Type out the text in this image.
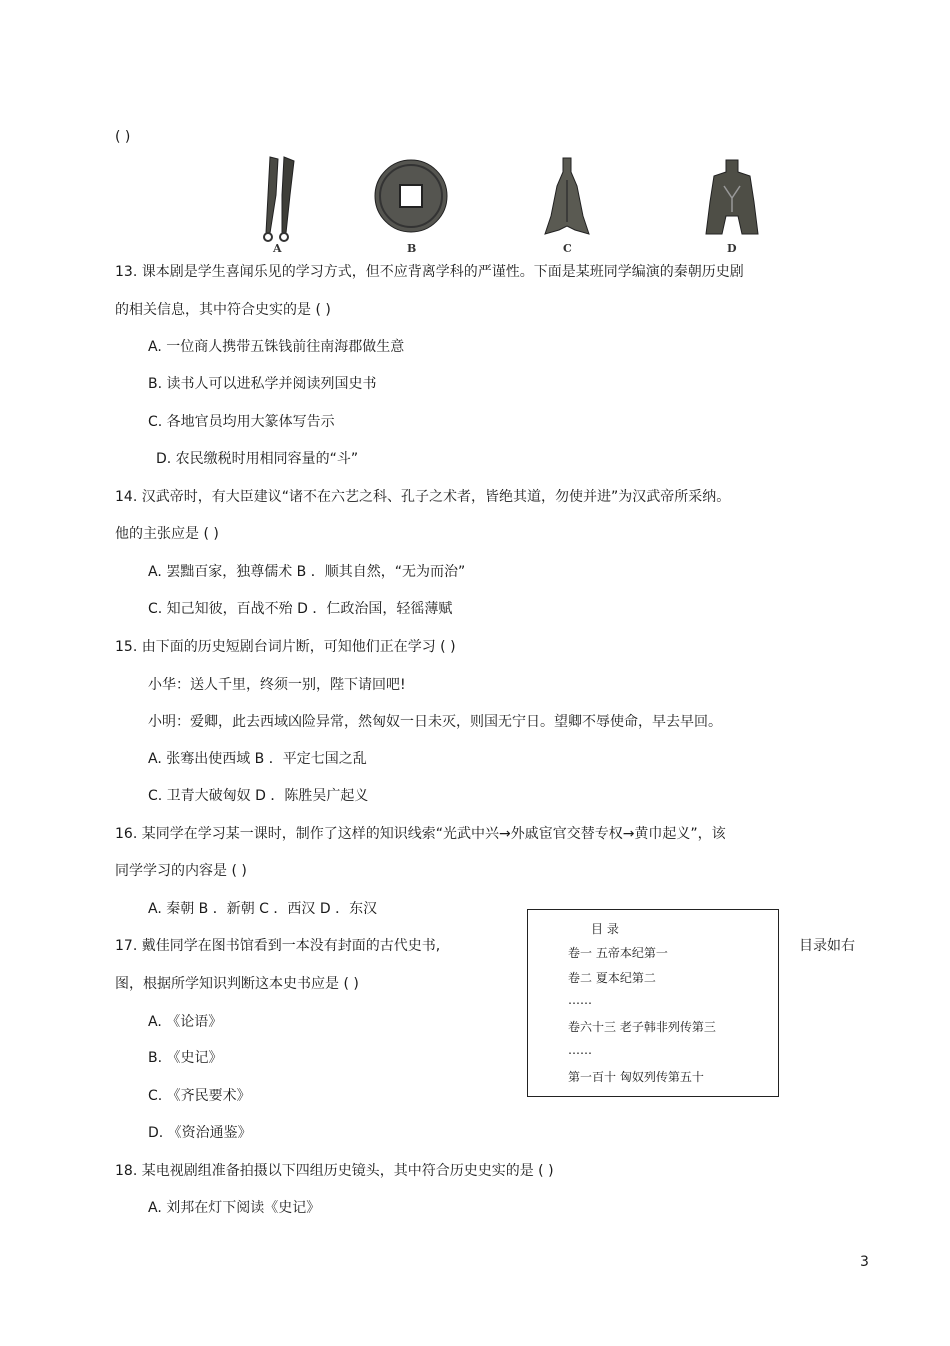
( )
A	B	C	D
13. 课本剧是学生喜闻乐见的学习方式，但不应背离学科的严谨性。下面是某班同学编演的秦朝历史剧
的相关信息，其中符合史实的是 ( )
A. 一位商人携带五铢钱前往南海郡做生意
B. 读书人可以进私学并阅读列国史书
C. 各地官员均用大篆体写告示
D. 农民缴税时用相同容量的“斗”
14. 汉武帝时，有大臣建议“诸不在六艺之科、孔子之术者，皆绝其道，勿使并进”为汉武帝所采纳。
他的主张应是 ( )
A. 罢黜百家，独尊儒术 B ．顺其自然，“无为而治”
C. 知己知彼，百战不殆 D ．仁政治国，轻徭薄赋
15. 由下面的历史短剧台词片断，可知他们正在学习 ( )
小华：送人千里，终须一别，陛下请回吧!
小明：爱卿，此去西域凶险异常，然匈奴一日未灭，则国无宁日。望卿不辱使命，早去早回。
A. 张骞出使西域 B ．平定七国之乱
C. 卫青大破匈奴 D ．陈胜吴广起义
16. 某同学在学习某一课时，制作了这样的知识线索“光武中兴→外戚宦官交替专权→黄巾起义”，该
同学学习的内容是 ( )
A. 秦朝 B ．新朝 C ．西汉 D ．东汉
17. 戴佳同学在图书馆看到一本没有封面的古代史书,	目录如右
图，根据所学知识判断这本史书应是 ( )
A. 《论语》
B. 《史记》
C. 《齐民要术》
D. 《资治通鉴》
目 录
卷一 五帝本纪第一
卷二 夏本纪第二
……
卷六十三 老子韩非列传第三
……
第一百十 匈奴列传第五十
18. 某电视剧组准备拍摄以下四组历史镜头，其中符合历史史实的是 ( )
A. 刘邦在灯下阅读《史记》
3
